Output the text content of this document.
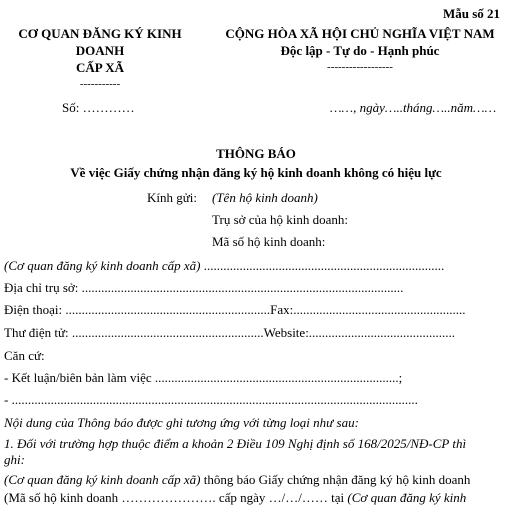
Mẫu số 21
CƠ QUAN ĐĂNG KÝ KINH
DOANH
CẤP XÃ
-----------
CỘNG HÒA XÃ HỘI CHỦ NGHĨA VIỆT NAM
Độc lập - Tự do - Hạnh phúc
------------------
Số: …………	……, ngày…..tháng…..năm……
THÔNG BÁO
Về việc Giấy chứng nhận đăng ký hộ kinh doanh không có hiệu lực
Kính gửi: (Tên hộ kinh doanh)
Trụ sở của hộ kinh doanh:
Mã số hộ kinh doanh:
(Cơ quan đăng ký kinh doanh cấp xã) ..........................................................................
Địa chỉ trụ sở: ...................................................................................................
Điện thoại: ...............................................................Fax:.....................................................
Thư điện tử: ...........................................................Website:.............................................
Căn cứ:
- Kết luận/biên bản làm việc ...........................................................................;
- .............................................................................................................................
Nội dung của Thông báo được ghi tương ứng với từng loại như sau:
1. Đối với trường hợp thuộc điểm a khoản 2 Điều 109 Nghị định số 168/2025/NĐ-CP thì
ghi:
(Cơ quan đăng ký kinh doanh cấp xã) thông báo Giấy chứng nhận đăng ký hộ kinh doanh
(Mã số hộ kinh doanh …………………. cấp ngày …/…/…… tại (Cơ quan đăng ký kinh
